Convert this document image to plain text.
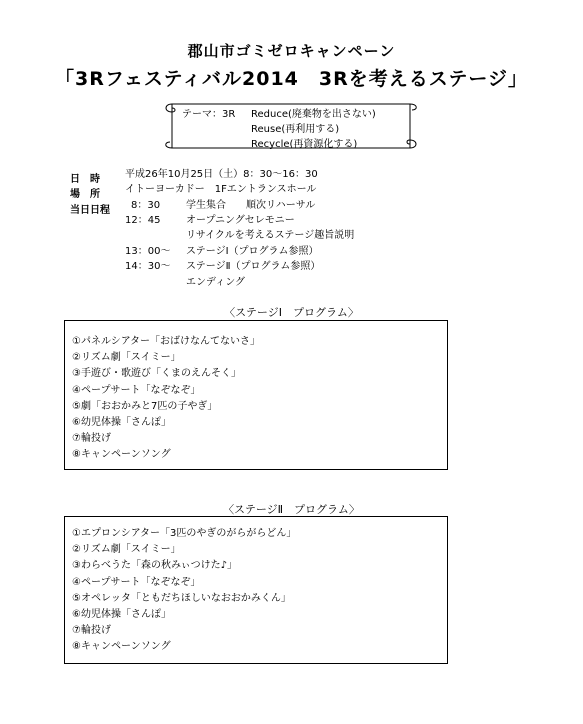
郡山市ゴミゼロキャンペーン
「3Rフェスティバル2014　3Rを考えるステージ」
テーマ：3R Reduce(廃棄物を出さない)
Reuse(再利用する)
Recycle(再資源化する)
日　時	平成26年10月25日（土）8：30～16：30
場　所	イトーヨーカドー　1Fエントランスホール
当日日程 8：30	学生集合　　順次リハーサル
12：45	オープニングセレモニー
リサイクルを考えるステージ趣旨説明
13：00～ ステージⅠ（プログラム参照）
14：30～ ステージⅡ（プログラム参照）
エンディング
〈ステージⅠ　プログラム〉
①パネルシアター「おばけなんてないさ」
②リズム劇「スイミー」
③手遊び・歌遊び「くまのえんそく」
④ペープサート「なぞなぞ」
⑤劇「おおかみと7匹の子やぎ」
⑥幼児体操「さんぽ」
⑦輪投げ
⑧キャンペーンソング
〈ステージⅡ　プログラム〉
①エプロンシアター「3匹のやぎのがらがらどん」
②リズム劇「スイミー」
③わらべうた「森の秋みぃつけた♪」
④ペープサート「なぞなぞ」
⑤オペレッタ「ともだちほしいなおおかみくん」
⑥幼児体操「さんぽ」
⑦輪投げ
⑧キャンペーンソング
